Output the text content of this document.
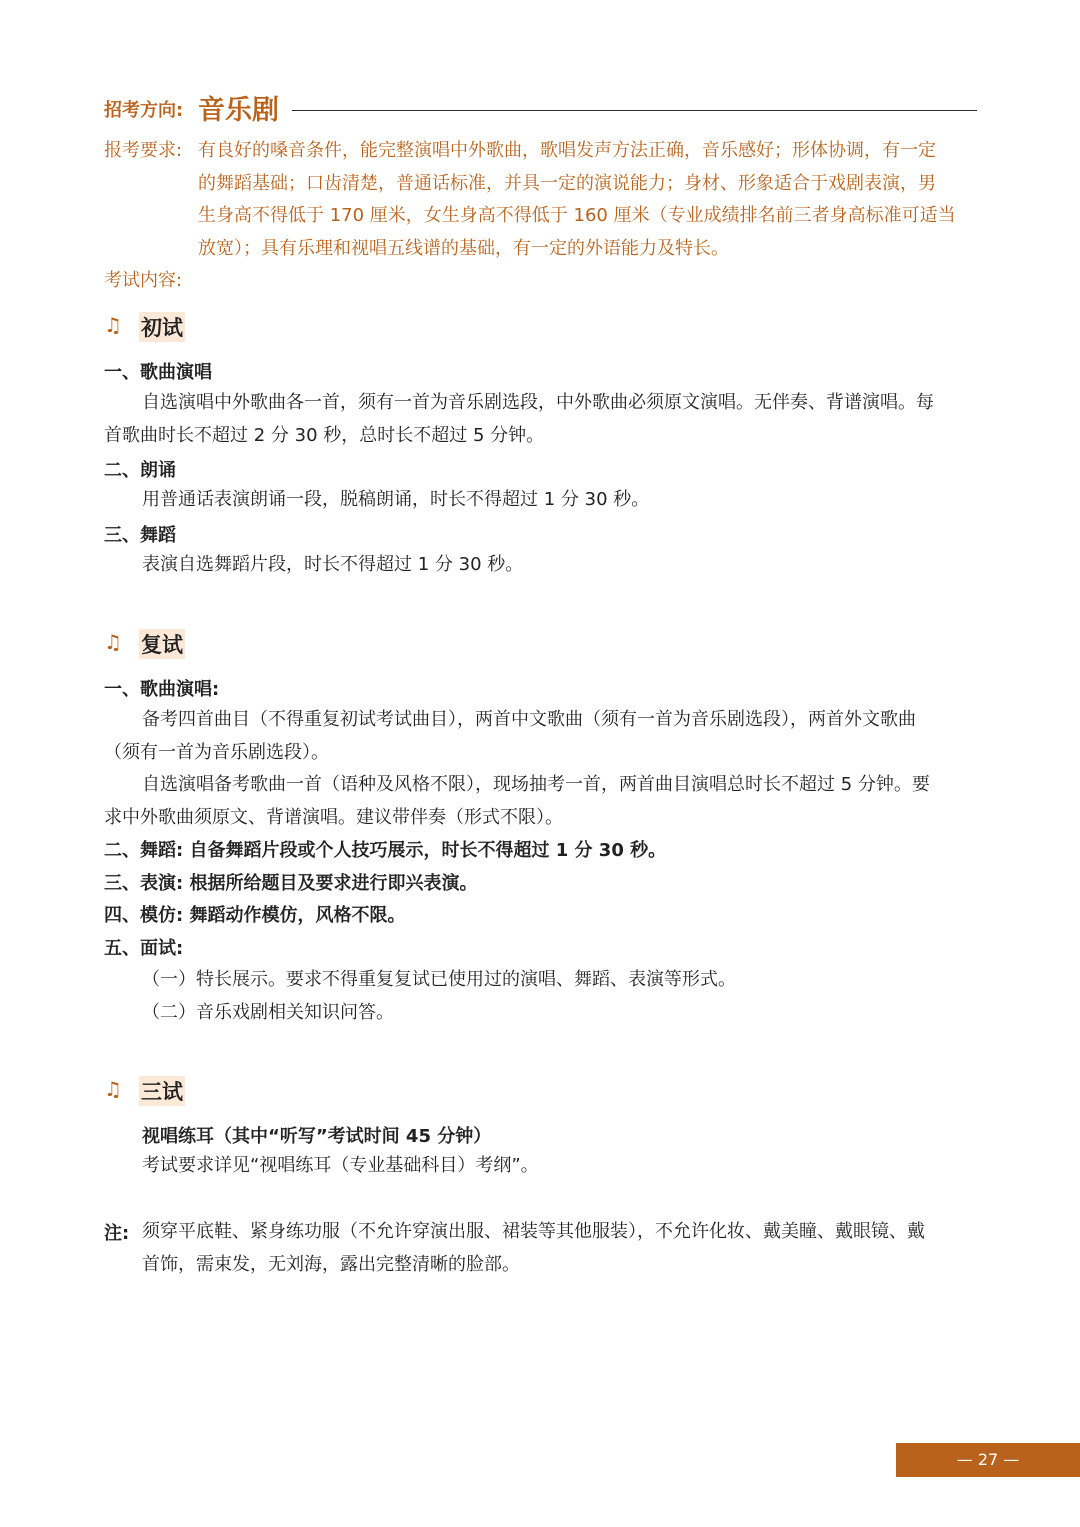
招考方向: 音乐剧
报考要求: 有良好的嗓音条件，能完整演唱中外歌曲，歌唱发声方法正确，音乐感好；形体协调，有一定
的舞蹈基础；口齿清楚，普通话标准，并具一定的演说能力；身材、形象适合于戏剧表演，男
生身高不得低于 170 厘米，女生身高不得低于 160 厘米（专业成绩排名前三者身高标准可适当
放宽）；具有乐理和视唱五线谱的基础，有一定的外语能力及特长。
考试内容:
♫ 初试
一、歌曲演唱
自选演唱中外歌曲各一首，须有一首为音乐剧选段，中外歌曲必须原文演唱。无伴奏、背谱演唱。每
首歌曲时长不超过 2 分 30 秒，总时长不超过 5 分钟。
二、朗诵
用普通话表演朗诵一段，脱稿朗诵，时长不得超过 1 分 30 秒。
三、舞蹈
表演自选舞蹈片段，时长不得超过 1 分 30 秒。
♫ 复试
一、歌曲演唱:
备考四首曲目（不得重复初试考试曲目），两首中文歌曲（须有一首为音乐剧选段），两首外文歌曲
（须有一首为音乐剧选段）。
自选演唱备考歌曲一首（语种及风格不限），现场抽考一首，两首曲目演唱总时长不超过 5 分钟。要
求中外歌曲须原文、背谱演唱。建议带伴奏（形式不限）。
二、舞蹈: 自备舞蹈片段或个人技巧展示，时长不得超过 1 分 30 秒。
三、表演: 根据所给题目及要求进行即兴表演。
四、模仿: 舞蹈动作模仿，风格不限。
五、面试:
（一）特长展示。要求不得重复复试已使用过的演唱、舞蹈、表演等形式。
（二）音乐戏剧相关知识问答。
♫ 三试
视唱练耳（其中“听写”考试时间 45 分钟）
考试要求详见“视唱练耳（专业基础科目）考纲”。
注: 须穿平底鞋、紧身练功服（不允许穿演出服、裙装等其他服装），不允许化妆、戴美瞳、戴眼镜、戴
首饰，需束发，无刘海，露出完整清晰的脸部。
— 27 —
